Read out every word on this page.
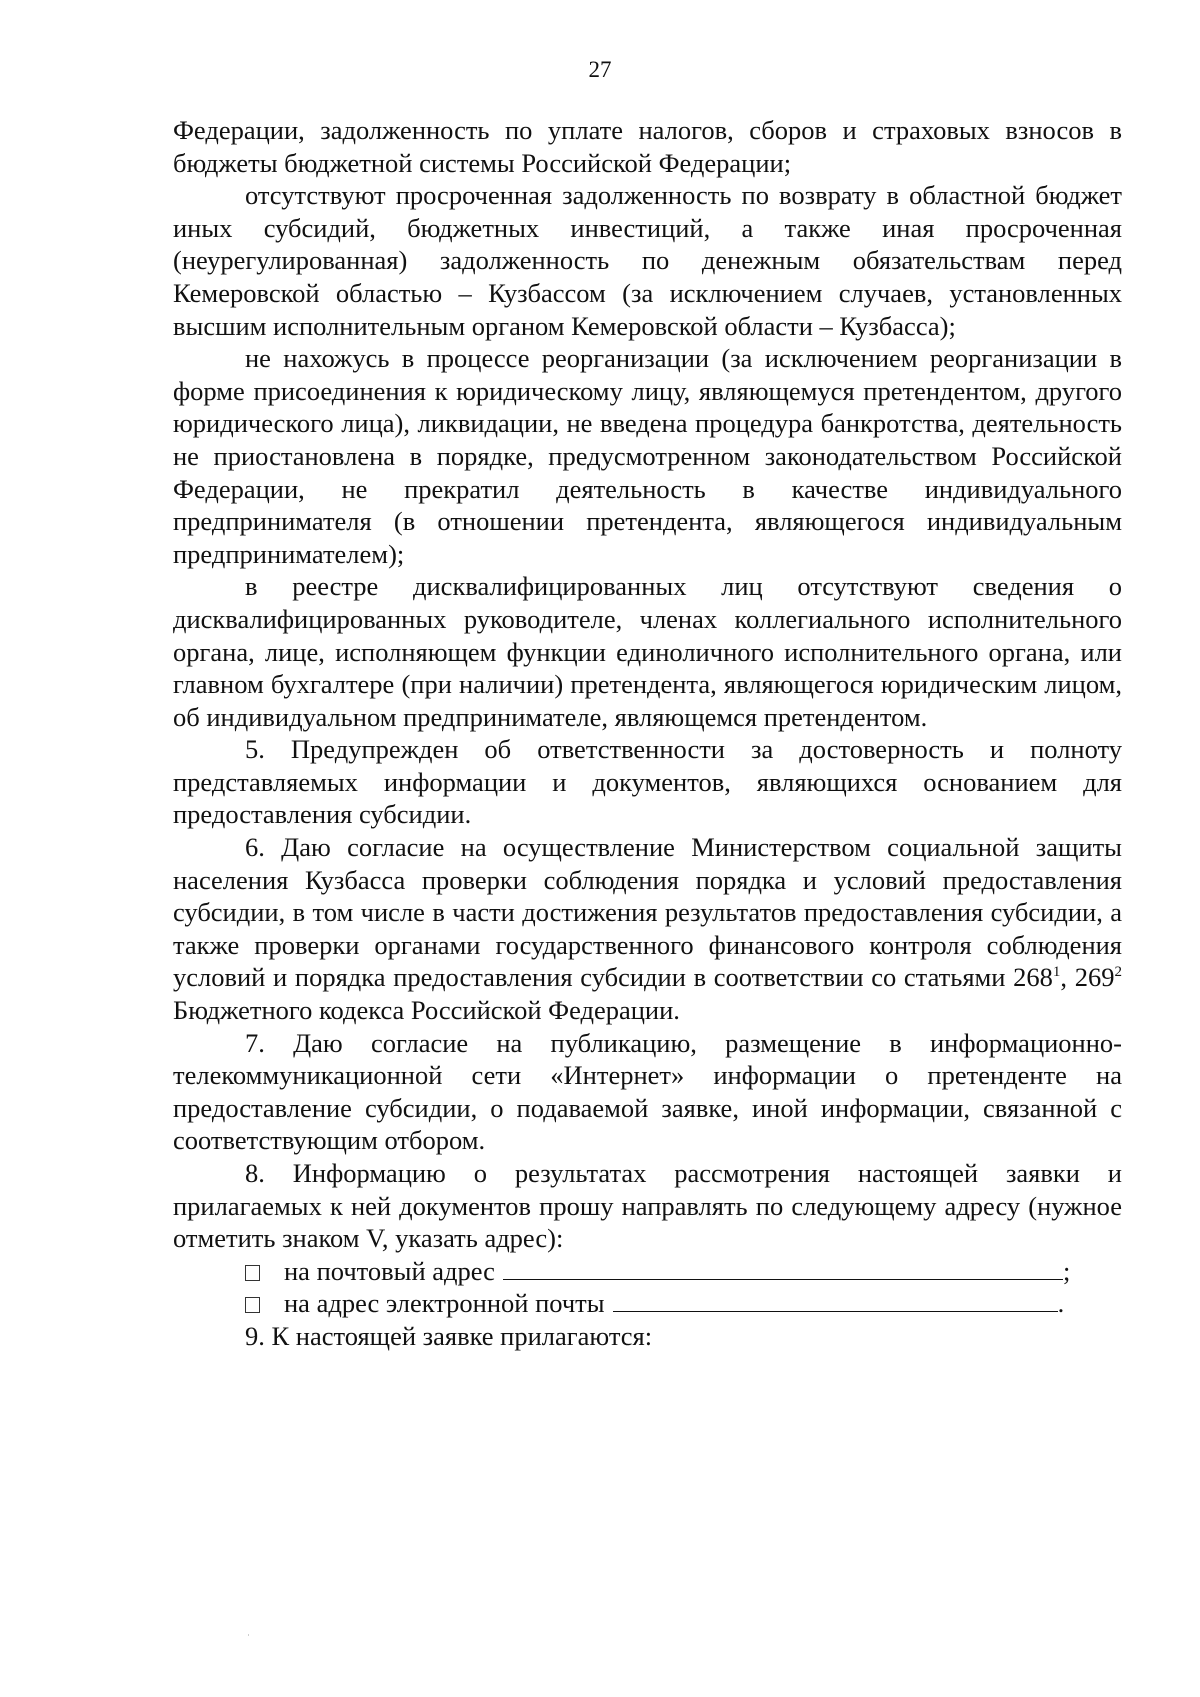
27

Федерации, задолженность по уплате налогов, сборов и страховых взносов в бюджеты бюджетной системы Российской Федерации;

отсутствуют просроченная задолженность по возврату в областной бюджет иных субсидий, бюджетных инвестиций, а также иная просроченная (неурегулированная) задолженность по денежным обязательствам перед Кемеровской областью – Кузбассом (за исключением случаев, установленных высшим исполнительным органом Кемеровской области – Кузбасса);

не нахожусь в процессе реорганизации (за исключением реорганизации в форме присоединения к юридическому лицу, являющемуся претендентом, другого юридического лица), ликвидации, не введена процедура банкротства, деятельность не приостановлена в порядке, предусмотренном законодательством Российской Федерации, не прекратил деятельность в качестве индивидуального предпринимателя (в отношении претендента, являющегося индивидуальным предпринимателем);

в реестре дисквалифицированных лиц отсутствуют сведения о дисквалифицированных руководителе, членах коллегиального исполнительного органа, лице, исполняющем функции единоличного исполнительного органа, или главном бухгалтере (при наличии) претендента, являющегося юридическим лицом, об индивидуальном предпринимателе, являющемся претендентом.

5. Предупрежден об ответственности за достоверность и полноту представляемых информации и документов, являющихся основанием для предоставления субсидии.

6. Даю согласие на осуществление Министерством социальной защиты населения Кузбасса проверки соблюдения порядка и условий предоставления субсидии, в том числе в части достижения результатов предоставления субсидии, а также проверки органами государственного финансового контроля соблюдения условий и порядка предоставления субсидии в соответствии со статьями $268^1$, $269^2$ Бюджетного кодекса Российской Федерации.

7. Даю согласие на публикацию, размещение в информационно-телекоммуникационной сети «Интернет» информации о претенденте на предоставление субсидии, о подаваемой заявке, иной информации, связанной с соответствующим отбором.

8. Информацию о результатах рассмотрения настоящей заявки и прилагаемых к ней документов прошу направлять по следующему адресу (нужное отметить знаком V, указать адрес):

на почтовый адрес	;
на адрес электронной почты	.

9. К настоящей заявке прилагаются:
